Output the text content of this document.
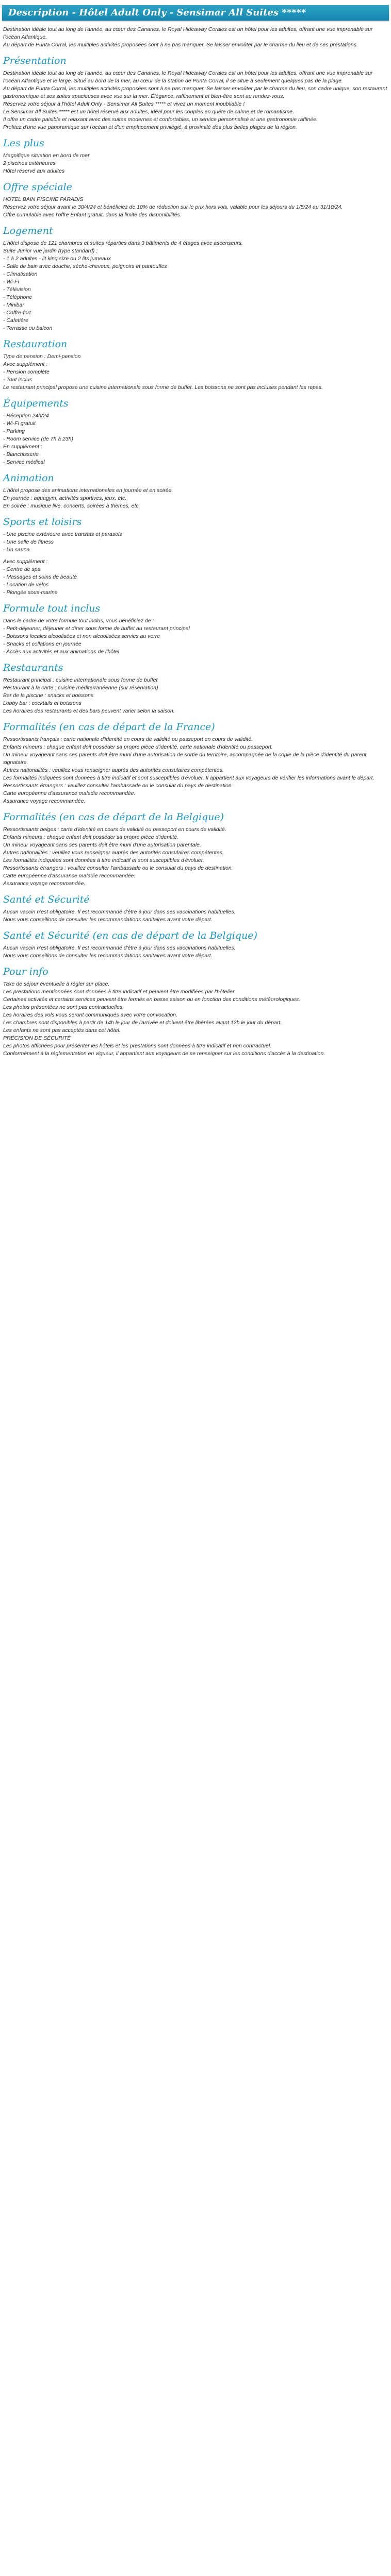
Description - Hôtel Adult Only - Sensimar All Suites *****

Destination idéale tout au long de l'année, au cœur des Canaries, le Royal Hideaway Corales est un hôtel pour les adultes, offrant une vue imprenable sur l'océan Atlantique.

Au départ de Punta Corral, les multiples activités proposées sont à ne pas manquer. Se laisser envoûter par le charme du lieu et de ses prestations.

Présentation

Destination idéale tout au long de l'année, au cœur des Canaries, le Royal Hideaway Corales est un hôtel pour les adultes, offrant une vue imprenable sur l'océan Atlantique et le large. Situé au bord de la mer, au cœur de la station de Punta Corral, il se situe à seulement quelques pas de la plage.

Au départ de Punta Corral, les multiples activités proposées sont à ne pas manquer. Se laisser envoûter par le charme du lieu, son cadre unique, son restaurant gastronomique et ses suites spacieuses avec vue sur la mer. Élégance, raffinement et bien-être sont au rendez-vous.

Réservez votre séjour à l'hôtel Adult Only - Sensimar All Suites ***** et vivez un moment inoubliable !

Le Sensimar All Suites ***** est un hôtel réservé aux adultes, idéal pour les couples en quête de calme et de romantisme.

Il offre un cadre paisible et relaxant avec des suites modernes et confortables, un service personnalisé et une gastronomie raffinée.

Profitez d'une vue panoramique sur l'océan et d'un emplacement privilégié, à proximité des plus belles plages de la région.

Les plus

Magnifique situation en bord de mer

2 piscines extérieures

Hôtel réservé aux adultes

Offre spéciale

HOTEL BAIN PISCINE PARADIS

Réservez votre séjour avant le 30/4/24 et bénéficiez de 10% de réduction sur le prix hors vols, valable pour les séjours du 1/5/24 au 31/10/24.

Offre cumulable avec l'offre Enfant gratuit, dans la limite des disponibilités.

Logement

L'hôtel dispose de 121 chambres et suites réparties dans 3 bâtiments de 4 étages avec ascenseurs.

Suite Junior vue jardin (type standard) :

- 1 à 2 adultes - lit king size ou 2 lits jumeaux

- Salle de bain avec douche, sèche-cheveux, peignoirs et pantoufles

- Climatisation

- Wi-Fi

- Télévision

- Téléphone

- Minibar

- Coffre-fort

- Cafetière

- Terrasse ou balcon

Restauration

Type de pension : Demi-pension

Avec supplément :

- Pension complète

- Tout inclus

Le restaurant principal propose une cuisine internationale sous forme de buffet. Les boissons ne sont pas incluses pendant les repas.

Équipements

- Réception 24h/24

- Wi-Fi gratuit

- Parking

- Room service (de 7h à 23h)

En supplément :

- Blanchisserie

- Service médical

Animation

L'hôtel propose des animations internationales en journée et en soirée.

En journée : aquagym, activités sportives, jeux, etc.

En soirée : musique live, concerts, soirées à thèmes, etc.

Sports et loisirs

- Une piscine extérieure avec transats et parasols

- Une salle de fitness

- Un sauna

Avec supplément :

- Centre de spa

- Massages et soins de beauté

- Location de vélos

- Plongée sous-marine

Formule tout inclus

Dans le cadre de votre formule tout inclus, vous bénéficiez de :

- Petit-déjeuner, déjeuner et dîner sous forme de buffet au restaurant principal

- Boissons locales alcoolisées et non alcoolisées servies au verre

- Snacks et collations en journée

- Accès aux activités et aux animations de l'hôtel

Restaurants

Restaurant principal : cuisine internationale sous forme de buffet

Restaurant à la carte : cuisine méditerranéenne (sur réservation)

Bar de la piscine : snacks et boissons

Lobby bar : cocktails et boissons

Les horaires des restaurants et des bars peuvent varier selon la saison.

Formalités (en cas de départ de la France)

Ressortissants français : carte nationale d'identité en cours de validité ou passeport en cours de validité.

Enfants mineurs : chaque enfant doit posséder sa propre pièce d'identité, carte nationale d'identité ou passeport.

Un mineur voyageant sans ses parents doit être muni d'une autorisation de sortie du territoire, accompagnée de la copie de la pièce d'identité du parent signataire.

Autres nationalités : veuillez vous renseigner auprès des autorités consulaires compétentes.

Les formalités indiquées sont données à titre indicatif et sont susceptibles d'évoluer. Il appartient aux voyageurs de vérifier les informations avant le départ.

Ressortissants étrangers : veuillez consulter l'ambassade ou le consulat du pays de destination.

Carte européenne d'assurance maladie recommandée.

Assurance voyage recommandée.

Formalités (en cas de départ de la Belgique)

Ressortissants belges : carte d'identité en cours de validité ou passeport en cours de validité.

Enfants mineurs : chaque enfant doit posséder sa propre pièce d'identité.

Un mineur voyageant sans ses parents doit être muni d'une autorisation parentale.

Autres nationalités : veuillez vous renseigner auprès des autorités consulaires compétentes.

Les formalités indiquées sont données à titre indicatif et sont susceptibles d'évoluer.

Ressortissants étrangers : veuillez consulter l'ambassade ou le consulat du pays de destination.

Carte européenne d'assurance maladie recommandée.

Assurance voyage recommandée.

Santé et Sécurité

Aucun vaccin n'est obligatoire. Il est recommandé d'être à jour dans ses vaccinations habituelles.

Nous vous conseillons de consulter les recommandations sanitaires avant votre départ.

Santé et Sécurité (en cas de départ de la Belgique)

Aucun vaccin n'est obligatoire. Il est recommandé d'être à jour dans ses vaccinations habituelles.

Nous vous conseillons de consulter les recommandations sanitaires avant votre départ.

Pour info

Taxe de séjour éventuelle à régler sur place.

Les prestations mentionnées sont données à titre indicatif et peuvent être modifiées par l'hôtelier.

Certaines activités et certains services peuvent être fermés en basse saison ou en fonction des conditions météorologiques.

Les photos présentées ne sont pas contractuelles.

Les horaires des vols vous seront communiqués avec votre convocation.

Les chambres sont disponibles à partir de 14h le jour de l'arrivée et doivent être libérées avant 12h le jour du départ.

Les enfants ne sont pas acceptés dans cet hôtel.

PRÉCISION DE SÉCURITÉ

Les photos affichées pour présenter les hôtels et les prestations sont données à titre indicatif et non contractuel.

Conformément à la réglementation en vigueur, il appartient aux voyageurs de se renseigner sur les conditions d'accès à la destination.
